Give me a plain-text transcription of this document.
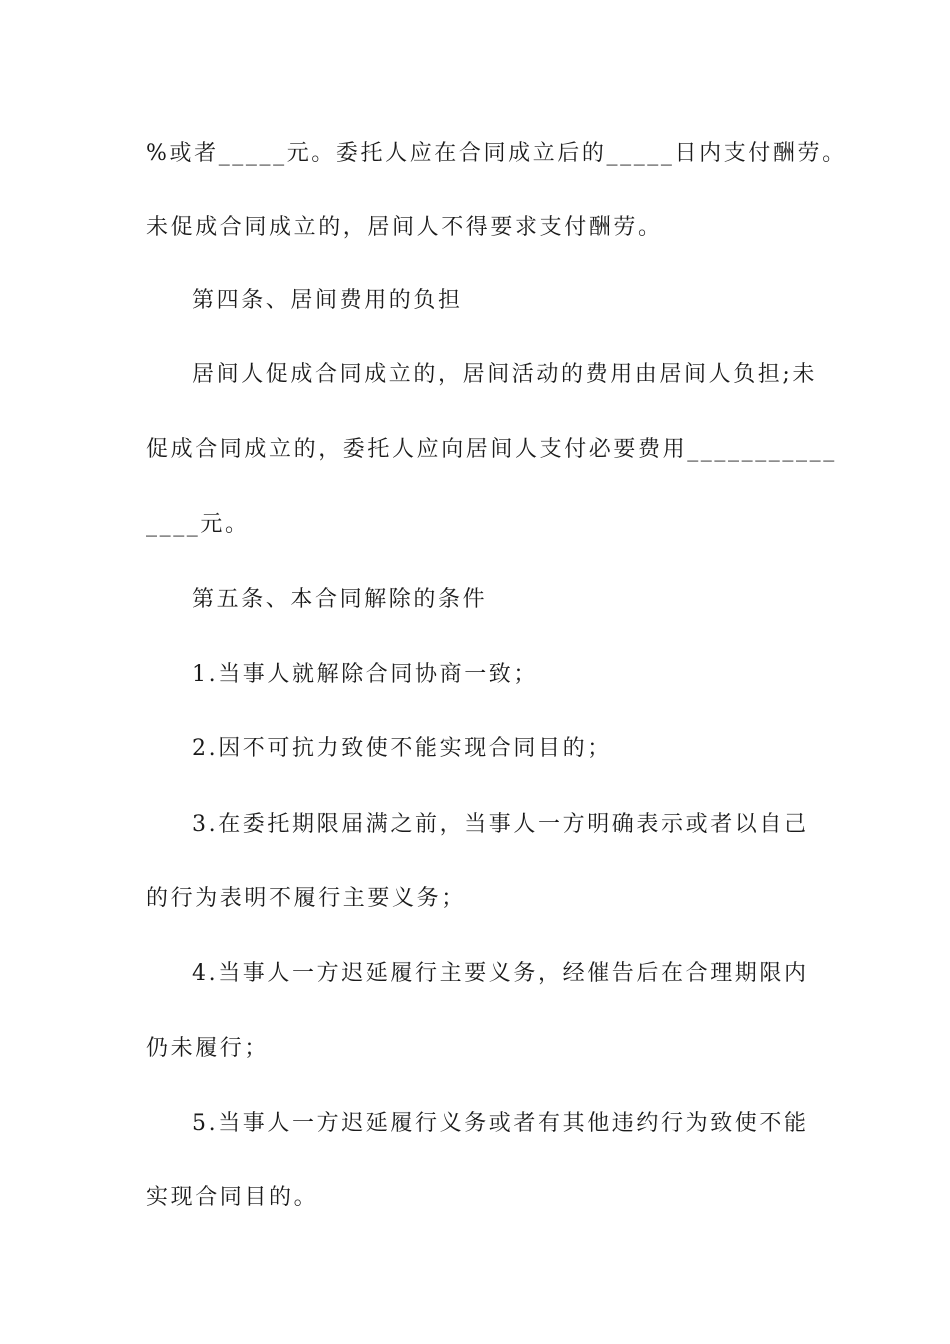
%或者_____元。委托人应在合同成立后的_____日内支付酬劳。
未促成合同成立的，居间人不得要求支付酬劳。
第四条、居间费用的负担
居间人促成合同成立的，居间活动的费用由居间人负担;未
促成合同成立的，委托人应向居间人支付必要费用___________
____元。
第五条、本合同解除的条件
1.当事人就解除合同协商一致；
2.因不可抗力致使不能实现合同目的；
3.在委托期限届满之前，当事人一方明确表示或者以自己
的行为表明不履行主要义务；
4.当事人一方迟延履行主要义务，经催告后在合理期限内
仍未履行；
5.当事人一方迟延履行义务或者有其他违约行为致使不能
实现合同目的。
